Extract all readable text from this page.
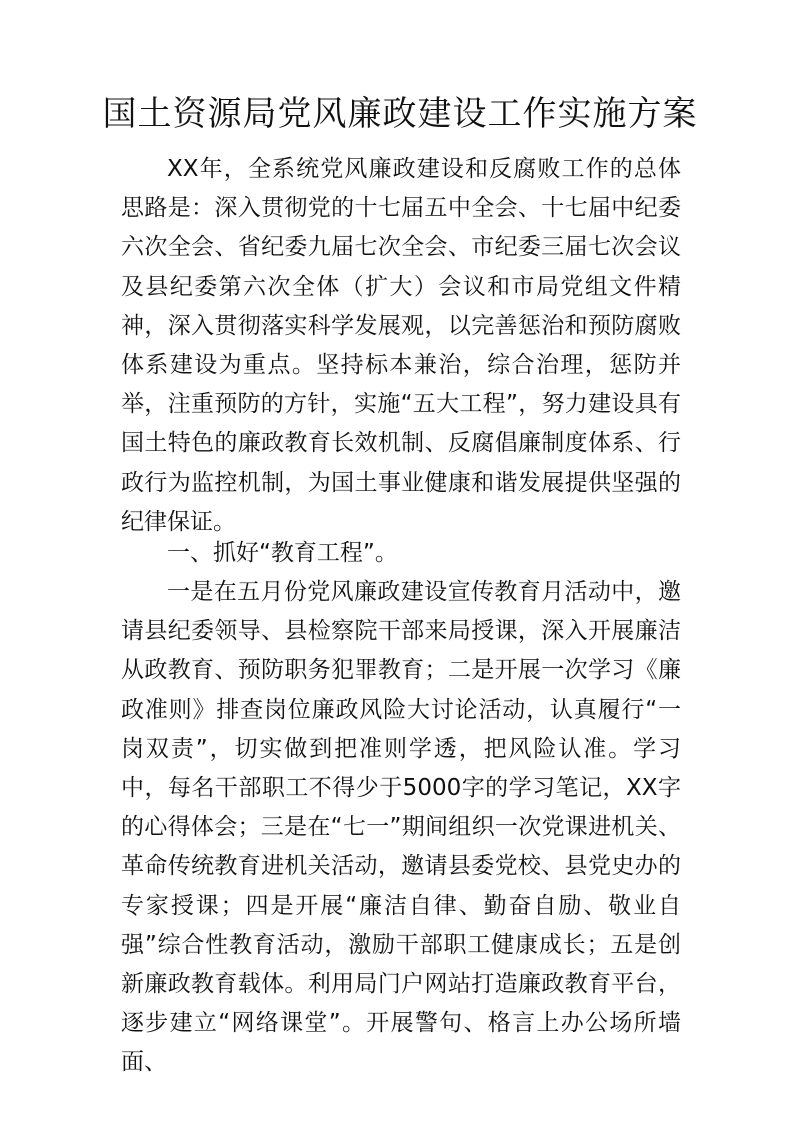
国土资源局党风廉政建设工作实施方案

XX年，全系统党风廉政建设和反腐败工作的总体思路是：深入贯彻党的十七届五中全会、十七届中纪委六次全会、省纪委九届七次全会、市纪委三届七次会议及县纪委第六次全体（扩大）会议和市局党组文件精神，深入贯彻落实科学发展观，以完善惩治和预防腐败体系建设为重点。坚持标本兼治，综合治理，惩防并举，注重预防的方针，实施“五大工程”，努力建设具有国土特色的廉政教育长效机制、反腐倡廉制度体系、行政行为监控机制，为国土事业健康和谐发展提供坚强的纪律保证。

一、抓好“教育工程”。

一是在五月份党风廉政建设宣传教育月活动中，邀请县纪委领导、县检察院干部来局授课，深入开展廉洁从政教育、预防职务犯罪教育；二是开展一次学习《廉政准则》排查岗位廉政风险大讨论活动，认真履行“一岗双责”，切实做到把准则学透，把风险认准。学习中，每名干部职工不得少于5000字的学习笔记，XX字的心得体会；三是在“七一”期间组织一次党课进机关、革命传统教育进机关活动，邀请县委党校、县党史办的专家授课；四是开展“廉洁自律、勤奋自励、敬业自强”综合性教育活动，激励干部职工健康成长；五是创新廉政教育载体。利用局门户网站打造廉政教育平台，逐步建立“网络课堂”。开展警句、格言上办公场所墙面、
